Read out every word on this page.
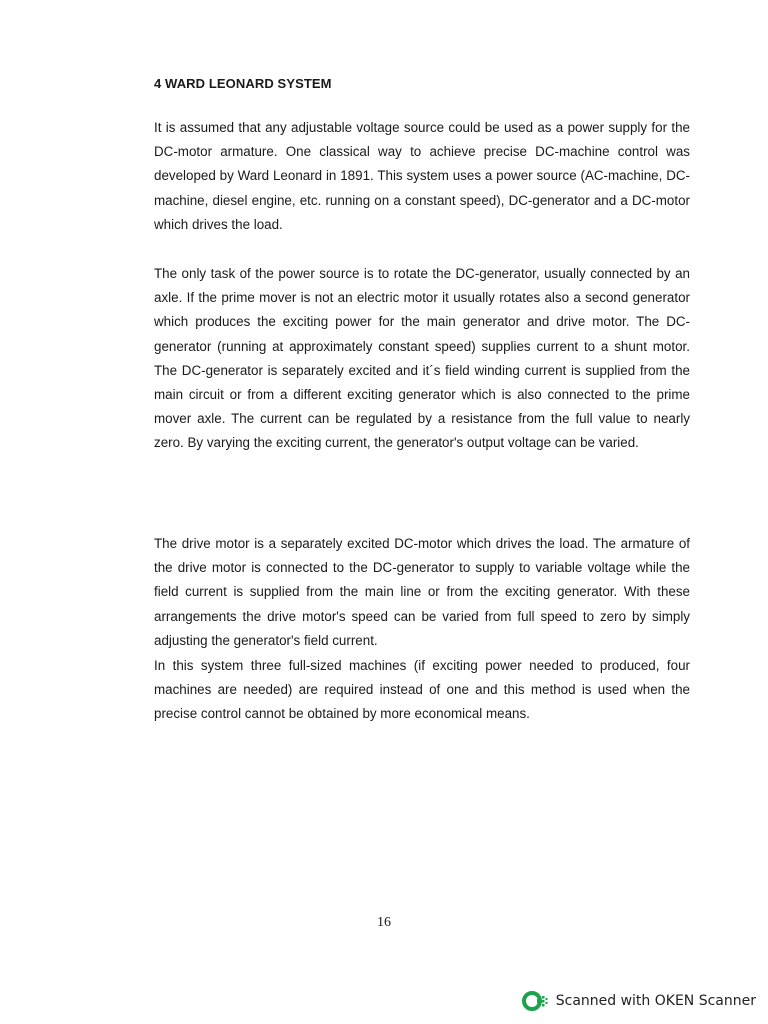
4 WARD LEONARD SYSTEM

It is assumed that any adjustable voltage source could be used as a power supply for the DC-motor armature. One classical way to achieve precise DC-machine control was developed by Ward Leonard in 1891. This system uses a power source (AC-machine, DC-machine, diesel engine, etc. running on a constant speed), DC-generator and a DC-motor which drives the load.

The only task of the power source is to rotate the DC-generator, usually connected by an axle. If the prime mover is not an electric motor it usually rotates also a second generator which produces the exciting power for the main generator and drive motor. The DC-generator (running at approximately constant speed) supplies current to a shunt motor. The DC-generator is separately excited and it´s field winding current is supplied from the main circuit or from a different exciting generator which is also connected to the prime mover axle. The current can be regulated by a resistance from the full value to nearly zero. By varying the exciting current, the generator's output voltage can be varied.

The drive motor is a separately excited DC-motor which drives the load. The armature of the drive motor is connected to the DC-generator to supply to variable voltage while the field current is supplied from the main line or from the exciting generator. With these arrangements the drive motor's speed can be varied from full speed to zero by simply adjusting the generator's field current.

In this system three full-sized machines (if exciting power needed to produced, four machines are needed) are required instead of one and this method is used when the precise control cannot be obtained by more economical means.

16
Scanned with OKEN Scanner
